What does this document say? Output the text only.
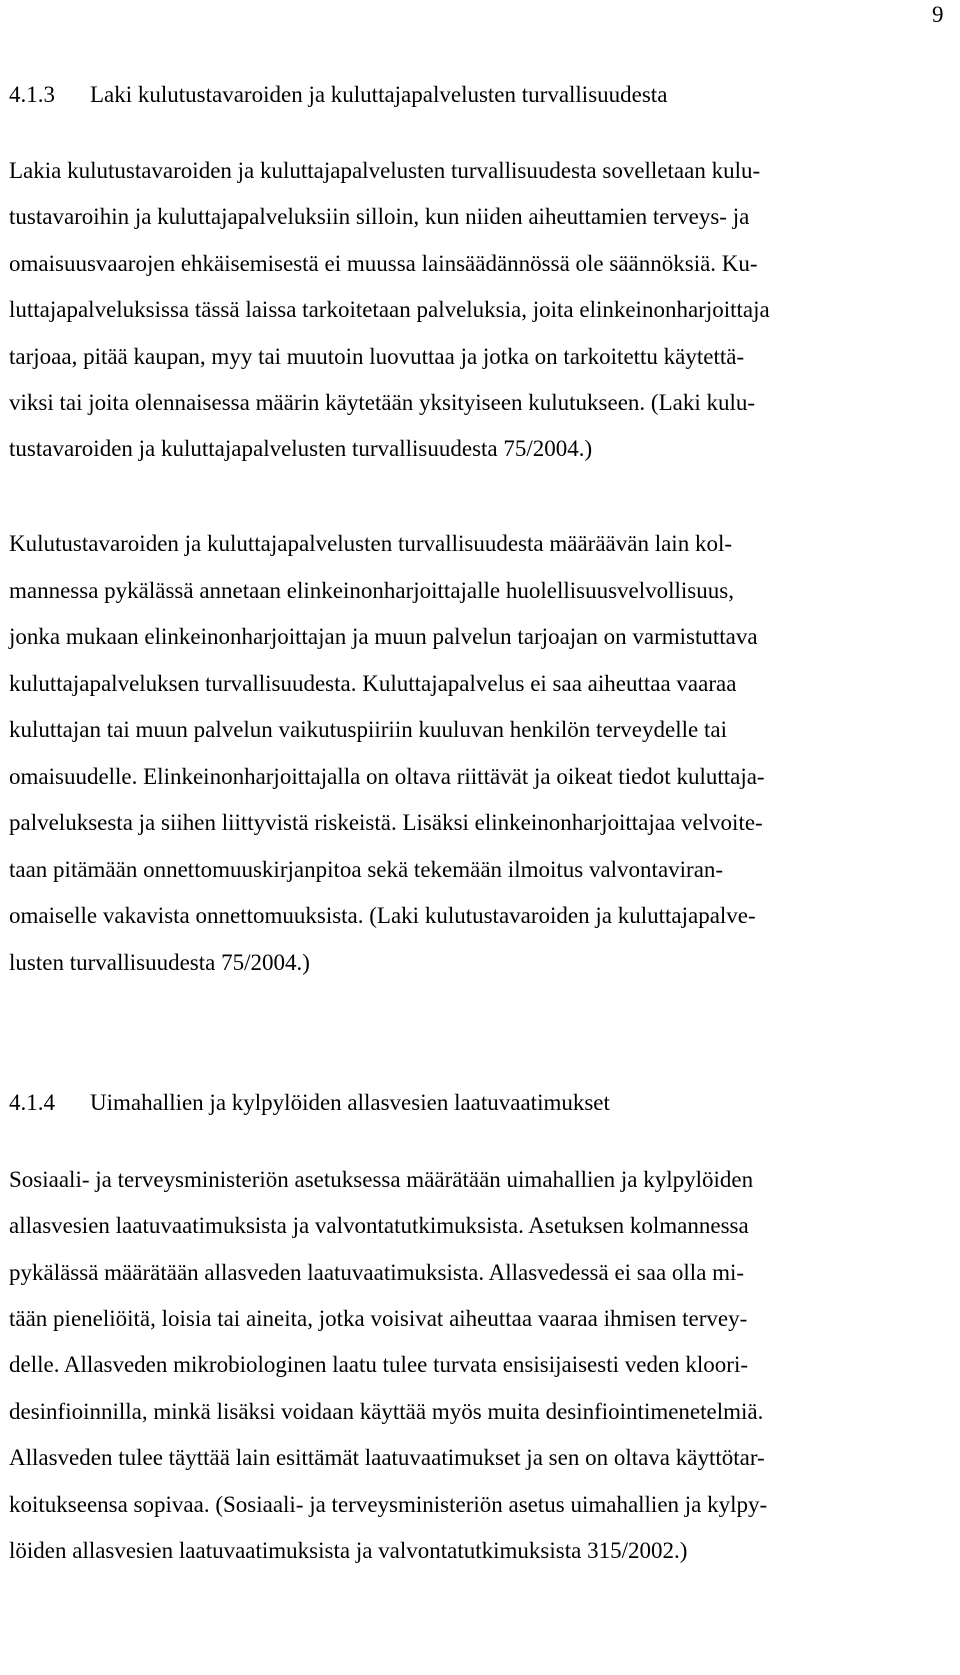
9
4.1.3 Laki kulutustavaroiden ja kuluttajapalvelusten turvallisuudesta
Lakia kulutustavaroiden ja kuluttajapalvelusten turvallisuudesta sovelletaan kulu-
tustavaroihin ja kuluttajapalveluksiin silloin, kun niiden aiheuttamien terveys- ja
omaisuusvaarojen ehkäisemisestä ei muussa lainsäädännössä ole säännöksiä. Ku-
luttajapalveluksissa tässä laissa tarkoitetaan palveluksia, joita elinkeinonharjoittaja
tarjoaa, pitää kaupan, myy tai muutoin luovuttaa ja jotka on tarkoitettu käytettä-
viksi tai joita olennaisessa määrin käytetään yksityiseen kulutukseen. (Laki kulu-
tustavaroiden ja kuluttajapalvelusten turvallisuudesta 75/2004.)
Kulutustavaroiden ja kuluttajapalvelusten turvallisuudesta määräävän lain kol-
mannessa pykälässä annetaan elinkeinonharjoittajalle huolellisuusvelvollisuus,
jonka mukaan elinkeinonharjoittajan ja muun palvelun tarjoajan on varmistuttava
kuluttajapalveluksen turvallisuudesta. Kuluttajapalvelus ei saa aiheuttaa vaaraa
kuluttajan tai muun palvelun vaikutuspiiriin kuuluvan henkilön terveydelle tai
omaisuudelle. Elinkeinonharjoittajalla on oltava riittävät ja oikeat tiedot kuluttaja-
palveluksesta ja siihen liittyvistä riskeistä. Lisäksi elinkeinonharjoittajaa velvoite-
taan pitämään onnettomuuskirjanpitoa sekä tekemään ilmoitus valvontaviran-
omaiselle vakavista onnettomuuksista. (Laki kulutustavaroiden ja kuluttajapalve-
lusten turvallisuudesta 75/2004.)
4.1.4 Uimahallien ja kylpylöiden allasvesien laatuvaatimukset
Sosiaali- ja terveysministeriön asetuksessa määrätään uimahallien ja kylpylöiden
allasvesien laatuvaatimuksista ja valvontatutkimuksista. Asetuksen kolmannessa
pykälässä määrätään allasveden laatuvaatimuksista. Allasvedessä ei saa olla mi-
tään pieneliöitä, loisia tai aineita, jotka voisivat aiheuttaa vaaraa ihmisen tervey-
delle. Allasveden mikrobiologinen laatu tulee turvata ensisijaisesti veden kloori-
desinfioinnilla, minkä lisäksi voidaan käyttää myös muita desinfiointimenetelmiä.
Allasveden tulee täyttää lain esittämät laatuvaatimukset ja sen on oltava käyttötar-
koitukseensa sopivaa. (Sosiaali- ja terveysministeriön asetus uimahallien ja kylpy-
löiden allasvesien laatuvaatimuksista ja valvontatutkimuksista 315/2002.)
